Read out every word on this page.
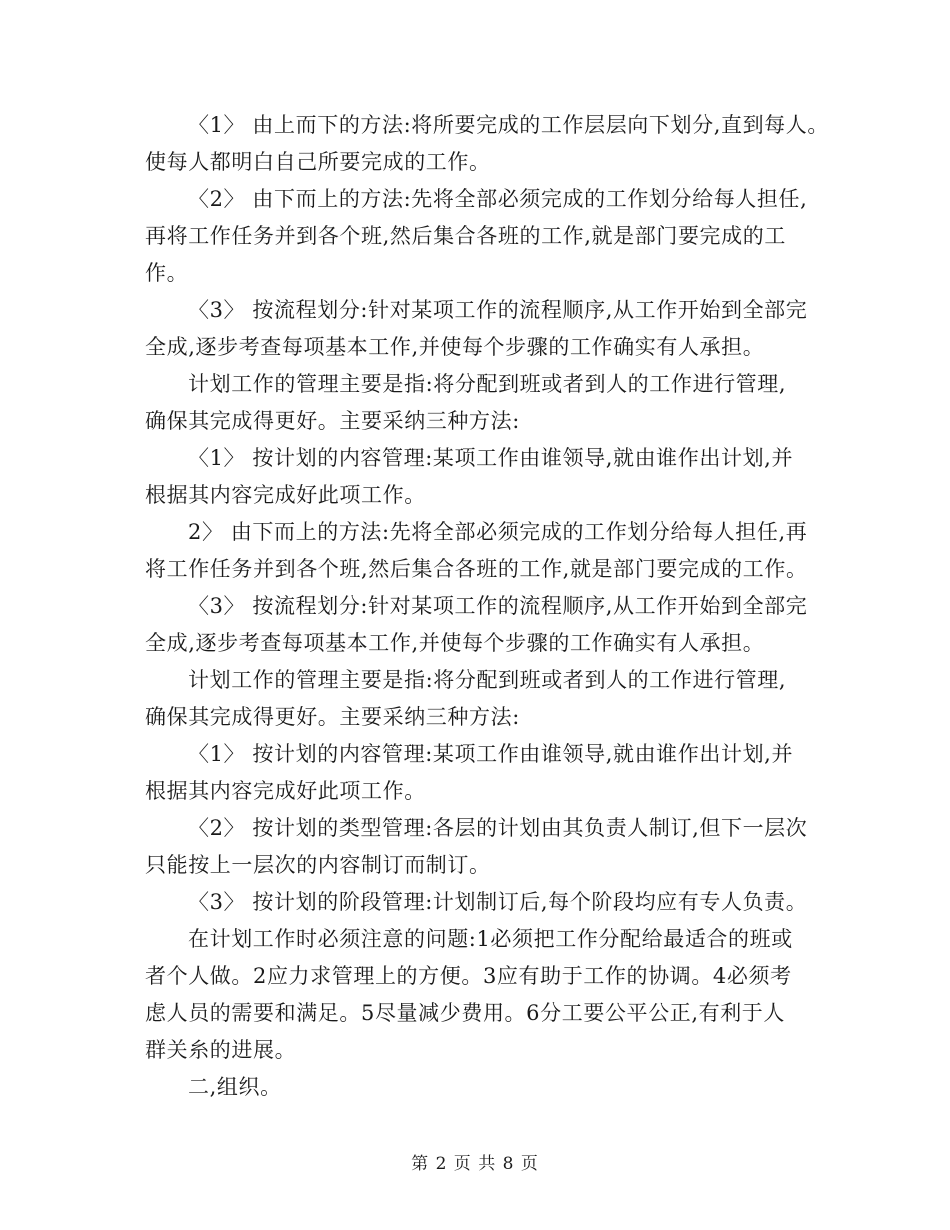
〈1〉 由上而下的方法:将所要完成的工作层层向下划分,直到每人。
使每人都明白自己所要完成的工作。
〈2〉 由下而上的方法:先将全部必须完成的工作划分给每人担任,
再将工作任务并到各个班,然后集合各班的工作,就是部门要完成的工
作。
〈3〉 按流程划分:针对某项工作的流程顺序,从工作开始到全部完
全成,逐步考查每项基本工作,并使每个步骤的工作确实有人承担。
计划工作的管理主要是指:将分配到班或者到人的工作进行管理,
确保其完成得更好。主要采纳三种方法:
〈1〉 按计划的内容管理:某项工作由谁领导,就由谁作出计划,并
根据其内容完成好此项工作。
2〉 由下而上的方法:先将全部必须完成的工作划分给每人担任,再
将工作任务并到各个班,然后集合各班的工作,就是部门要完成的工作。
〈3〉 按流程划分:针对某项工作的流程顺序,从工作开始到全部完
全成,逐步考查每项基本工作,并使每个步骤的工作确实有人承担。
计划工作的管理主要是指:将分配到班或者到人的工作进行管理,
确保其完成得更好。主要采纳三种方法:
〈1〉 按计划的内容管理:某项工作由谁领导,就由谁作出计划,并
根据其内容完成好此项工作。
〈2〉 按计划的类型管理:各层的计划由其负责人制订,但下一层次
只能按上一层次的内容制订而制订。
〈3〉 按计划的阶段管理:计划制订后,每个阶段均应有专人负责。
在计划工作时必须注意的问题:1必须把工作分配给最适合的班或
者个人做。2应力求管理上的方便。3应有助于工作的协调。4必须考
虑人员的需要和满足。5尽量减少费用。6分工要公平公正,有利于人
群关糸的进展。
二,组织。
第 2 页 共 8 页
